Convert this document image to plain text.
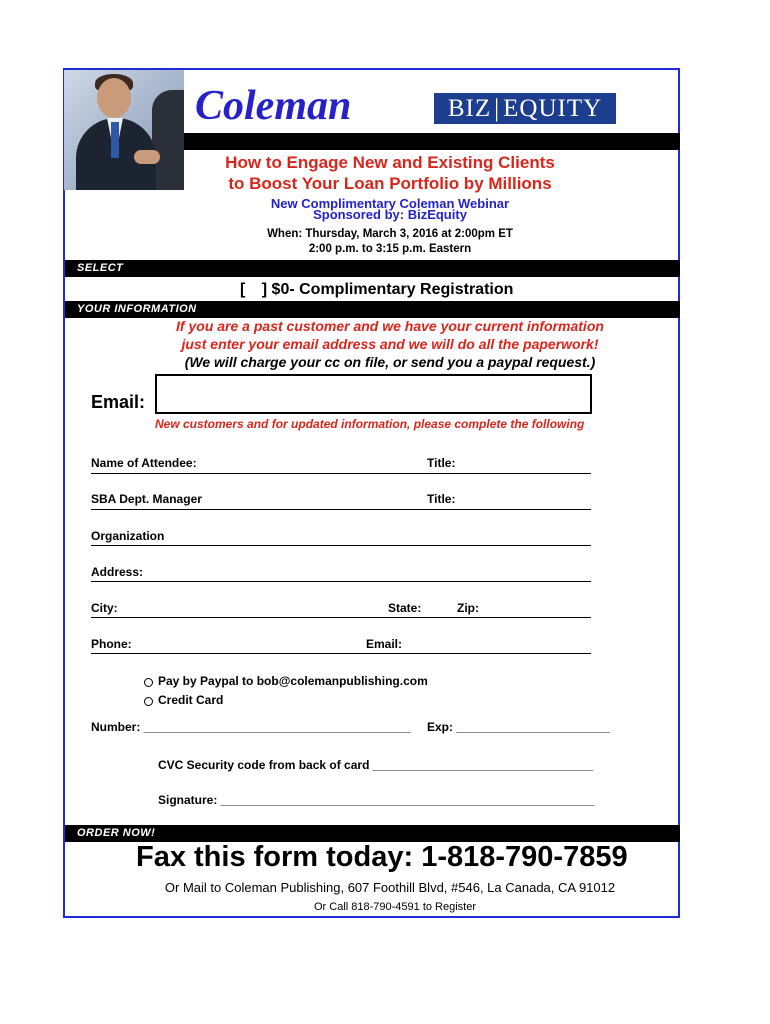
Coleman	BIZ | EQUITY
How to Engage New and Existing Clients
to Boost Your Loan Portfolio by Millions
New Complimentary Coleman Webinar
Sponsored by: BizEquity
When: Thursday, March 3, 2016 at 2:00pm ET
2:00 p.m. to 3:15 p.m. Eastern
SELECT
[ ] $0- Complimentary Registration
YOUR INFORMATION
If you are a past customer and we have your current information
just enter your email address and we will do all the paperwork!
(We will charge your cc on file, or send you a paypal request.)
Email:
New customers and for updated information, please complete the following
Name of Attendee:	Title:
SBA Dept. Manager	Title:
Organization
Address:
City:	State:	Zip:
Phone:	Email:
Pay by Paypal to bob@colemanpublishing.com
Credit Card
Number: ________________________________________ Exp: _______________________
CVC Security code from back of card _________________________________
Signature: ________________________________________________________
ORDER NOW!
Fax this form today: 1-818-790-7859
Or Mail to Coleman Publishing, 607 Foothill Blvd, #546, La Canada, CA 91012
Or Call 818-790-4591 to Register
